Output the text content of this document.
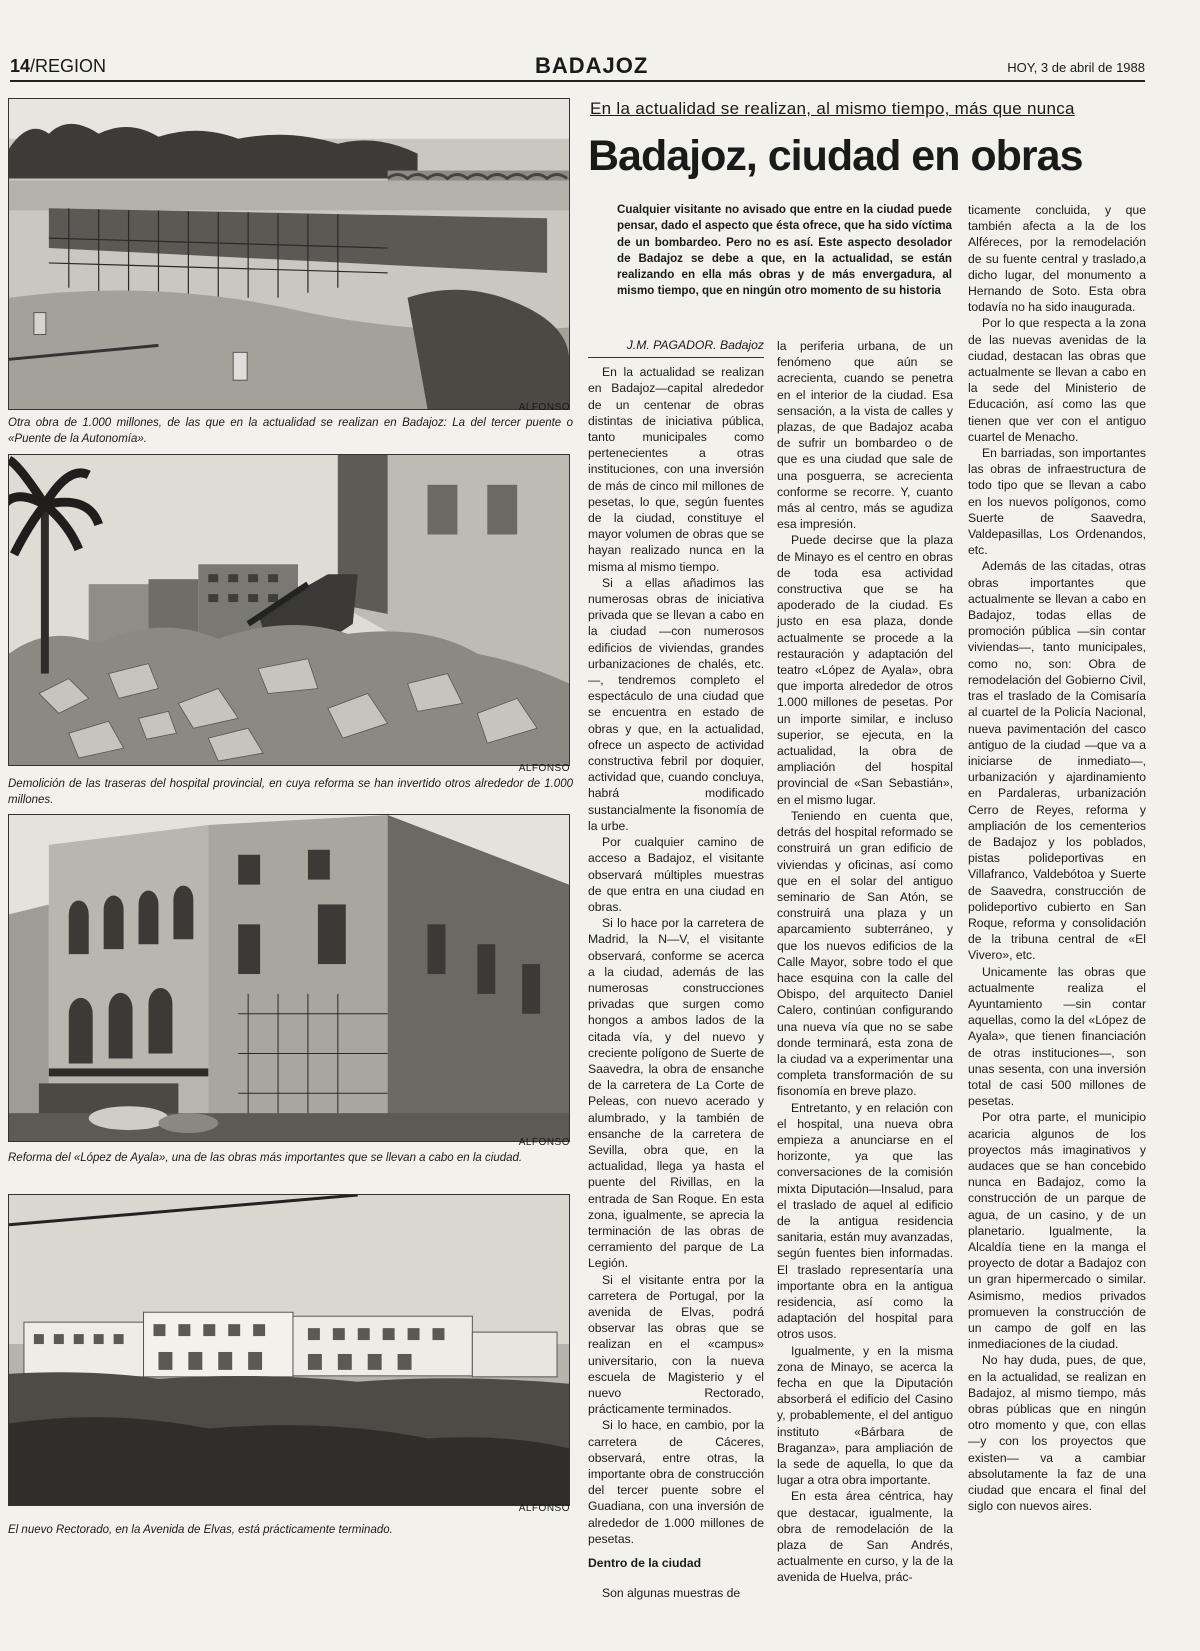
14/REGION	BADAJOZ	HOY, 3 de abril de 1988
ALFONSO
Otra obra de 1.000 millones, de las que en la actualidad se realizan en Badajoz: La del tercer puente o «Puente de la Autonomía».
ALFONSO
Demolición de las traseras del hospital provincial, en cuya reforma se han invertido otros alrededor de 1.000 millones.
ALFONSO
Reforma del «López de Ayala», una de las obras más importantes que se llevan a cabo en la ciudad.
ALFONSO
El nuevo Rectorado, en la Avenida de Elvas, está prácticamente terminado.
En la actualidad se realizan, al mismo tiempo, más que nunca
Badajoz, ciudad en obras
Cualquier visitante no avisado que entre en la ciudad puede pensar, dado el aspecto que ésta ofrece, que ha sido víctima de un bombardeo. Pero no es así. Este aspecto desolador de Badajoz se debe a que, en la actualidad, se están realizando en ella más obras y de más envergadura, al mismo tiempo, que en ningún otro momento de su historia

J.M. PAGADOR. Badajoz

En la actualidad se realizan en Badajoz—capital alrededor de un centenar de obras distintas de iniciativa pública, tanto municipales como pertenecientes a otras instituciones, con una inversión de más de cinco mil millones de pesetas, lo que, según fuentes de la ciudad, constituye el mayor volumen de obras que se hayan realizado nunca en la misma al mismo tiempo.

Si a ellas añadimos las numerosas obras de iniciativa privada que se llevan a cabo en la ciudad —con numerosos edificios de viviendas, grandes urbanizaciones de chalés, etc.—, tendremos completo el espectáculo de una ciudad que se encuentra en estado de obras y que, en la actualidad, ofrece un aspecto de actividad constructiva febril por doquier, actividad que, cuando concluya, habrá modificado sustancialmente la fisonomía de la urbe.

Por cualquier camino de acceso a Badajoz, el visitante observará múltiples muestras de que entra en una ciudad en obras.

Si lo hace por la carretera de Madrid, la N—V, el visitante observará, conforme se acerca a la ciudad, además de las numerosas construcciones privadas que surgen como hongos a ambos lados de la citada vía, y del nuevo y creciente polígono de Suerte de Saavedra, la obra de ensanche de la carretera de La Corte de Peleas, con nuevo acerado y alumbrado, y la también de ensanche de la carretera de Sevilla, obra que, en la actualidad, llega ya hasta el puente del Rivillas, en la entrada de San Roque. En esta zona, igualmente, se aprecia la terminación de las obras de cerramiento del parque de La Legión.

Si el visitante entra por la carretera de Portugal, por la avenida de Elvas, podrá observar las obras que se realizan en el «campus» universitario, con la nueva escuela de Magisterio y el nuevo Rectorado, prácticamente terminados.

Si lo hace, en cambio, por la carretera de Cáceres, observará, entre otras, la importante obra de construcción del tercer puente sobre el Guadiana, con una inversión de alrededor de 1.000 millones de pesetas.

Dentro de la ciudad

Son algunas muestras de

la periferia urbana, de un fenómeno que aún se acrecienta, cuando se penetra en el interior de la ciudad. Esa sensación, a la vista de calles y plazas, de que Badajoz acaba de sufrir un bombardeo o de que es una ciudad que sale de una posguerra, se acrecienta conforme se recorre. Y, cuanto más al centro, más se agudiza esa impresión.

Puede decirse que la plaza de Minayo es el centro en obras de toda esa actividad constructiva que se ha apoderado de la ciudad. Es justo en esa plaza, donde actualmente se procede a la restauración y adaptación del teatro «López de Ayala», obra que importa alrededor de otros 1.000 millones de pesetas. Por un importe similar, e incluso superior, se ejecuta, en la actualidad, la obra de ampliación del hospital provincial de «San Sebastián», en el mismo lugar.

Teniendo en cuenta que, detrás del hospital reformado se construirá un gran edificio de viviendas y oficinas, así como que en el solar del antiguo seminario de San Atón, se construirá una plaza y un aparcamiento subterráneo, y que los nuevos edificios de la Calle Mayor, sobre todo el que hace esquina con la calle del Obispo, del arquitecto Daniel Calero, continúan configurando una nueva vía que no se sabe donde terminará, esta zona de la ciudad va a experimentar una completa transformación de su fisonomía en breve plazo.

Entretanto, y en relación con el hospital, una nueva obra empieza a anunciarse en el horizonte, ya que las conversaciones de la comisión mixta Diputación—Insalud, para el traslado de aquel al edificio de la antigua residencia sanitaria, están muy avanzadas, según fuentes bien informadas. El traslado representaría una importante obra en la antigua residencia, así como la adaptación del hospital para otros usos.

Igualmente, y en la misma zona de Minayo, se acerca la fecha en que la Diputación absorberá el edificio del Casino y, probablemente, el del antiguo instituto «Bárbara de Braganza», para ampliación de la sede de aquella, lo que da lugar a otra obra importante.

En esta área céntrica, hay que destacar, igualmente, la obra de remodelación de la plaza de San Andrés, actualmente en curso, y la de la avenida de Huelva, prác-

ticamente concluida, y que también afecta a la de los Alféreces, por la remodelación de su fuente central y traslado,a dicho lugar, del monumento a Hernando de Soto. Esta obra todavía no ha sido inaugurada.

Por lo que respecta a la zona de las nuevas avenidas de la ciudad, destacan las obras que actualmente se llevan a cabo en la sede del Ministerio de Educación, así como las que tienen que ver con el antiguo cuartel de Menacho.

En barriadas, son importantes las obras de infraestructura de todo tipo que se llevan a cabo en los nuevos polígonos, como Suerte de Saavedra, Valdepasillas, Los Ordenandos, etc.

Además de las citadas, otras obras importantes que actualmente se llevan a cabo en Badajoz, todas ellas de promoción pública —sin contar viviendas—, tanto municipales, como no, son: Obra de remodelación del Gobierno Civil, tras el traslado de la Comisaría al cuartel de la Policía Nacional, nueva pavimentación del casco antiguo de la ciudad —que va a iniciarse de inmediato—, urbanización y ajardinamiento en Pardaleras, urbanización Cerro de Reyes, reforma y ampliación de los cementerios de Badajoz y los poblados, pistas polideportivas en Villafranco, Valdebótoa y Suerte de Saavedra, construcción de polideportivo cubierto en San Roque, reforma y consolidación de la tribuna central de «El Vivero», etc.

Unicamente las obras que actualmente realiza el Ayuntamiento —sin contar aquellas, como la del «López de Ayala», que tienen financiación de otras instituciones—, son unas sesenta, con una inversión total de casi 500 millones de pesetas.

Por otra parte, el municipio acaricia algunos de los proyectos más imaginativos y audaces que se han concebido nunca en Badajoz, como la construcción de un parque de agua, de un casino, y de un planetario. Igualmente, la Alcaldía tiene en la manga el proyecto de dotar a Badajoz con un gran hipermercado o similar. Asimismo, medios privados promueven la construcción de un campo de golf en las inmediaciones de la ciudad.

No hay duda, pues, de que, en la actualidad, se realizan en Badajoz, al mismo tiempo, más obras públicas que en ningún otro momento y que, con ellas —y con los proyectos que existen— va a cambiar absolutamente la faz de una ciudad que encara el final del siglo con nuevos aires.
